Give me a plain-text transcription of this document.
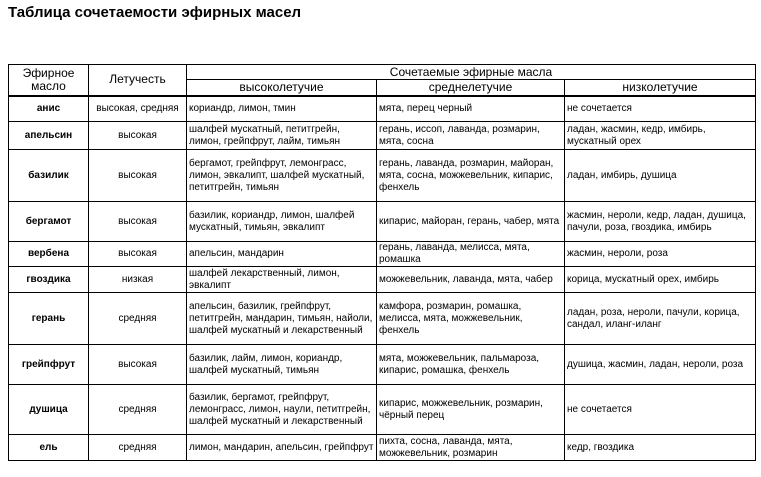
Таблица сочетаемости эфирных масел
Эфирное масло	Летучесть	Сочетаемые эфирные масла		
		высоколетучие	среднелетучие	низколетучие
анис	высокая, средняя	кориандр, лимон, тмин	мята, перец черный	не сочетается
апельсин	высокая	шалфей мускатный, петитгрейн, лимон, грейпфрут, лайм, тимьян	герань, иссоп, лаванда, розмарин, мята, сосна	ладан, жасмин, кедр, имбирь, мускатный орех
базилик	высокая	бергамот, грейпфрут, лемонграсс, лимон, эвкалипт, шалфей мускатный, петитгрейн, тимьян	герань, лаванда, розмарин, майоран, мята, сосна, можжевельник, кипарис, фенхель	ладан, имбирь, душица
бергамот	высокая	базилик, кориандр, лимон, шалфей мускатный, тимьян, эвкалипт	кипарис, майоран, герань, чабер, мята	жасмин, нероли, кедр, ладан, душица, пачули, роза, гвоздика, имбирь
вербена	высокая	апельсин, мандарин	герань, лаванда, мелисса, мята, ромашка	жасмин, нероли, роза
гвоздика	низкая	шалфей лекарственный, лимон, эвкалипт	можжевельник, лаванда, мята, чабер	корица, мускатный орех, имбирь
герань	средняя	апельсин, базилик, грейпфрут, петитгрейн, мандарин, тимьян, найоли, шалфей мускатный и лекарственный	камфора, розмарин, ромашка, мелисса, мята, можжевельник, фенхель	ладан, роза, нероли, пачули, корица, сандал, иланг-иланг
грейпфрут	высокая	базилик, лайм, лимон, кориандр, шалфей мускатный, тимьян	мята, можжевельник, пальмароза, кипарис, ромашка, фенхель	душица, жасмин, ладан, нероли, роза
душица	средняя	базилик, бергамот, грейпфрут, лемонграсс, лимон, наули, петитгрейн, шалфей мускатный и лекарственный	кипарис, можжевельник, розмарин, чёрный перец	не сочетается
ель	средняя	лимон, мандарин, апельсин, грейпфрут	пихта, сосна, лаванда, мята, можжевельник, розмарин	кедр, гвоздика
